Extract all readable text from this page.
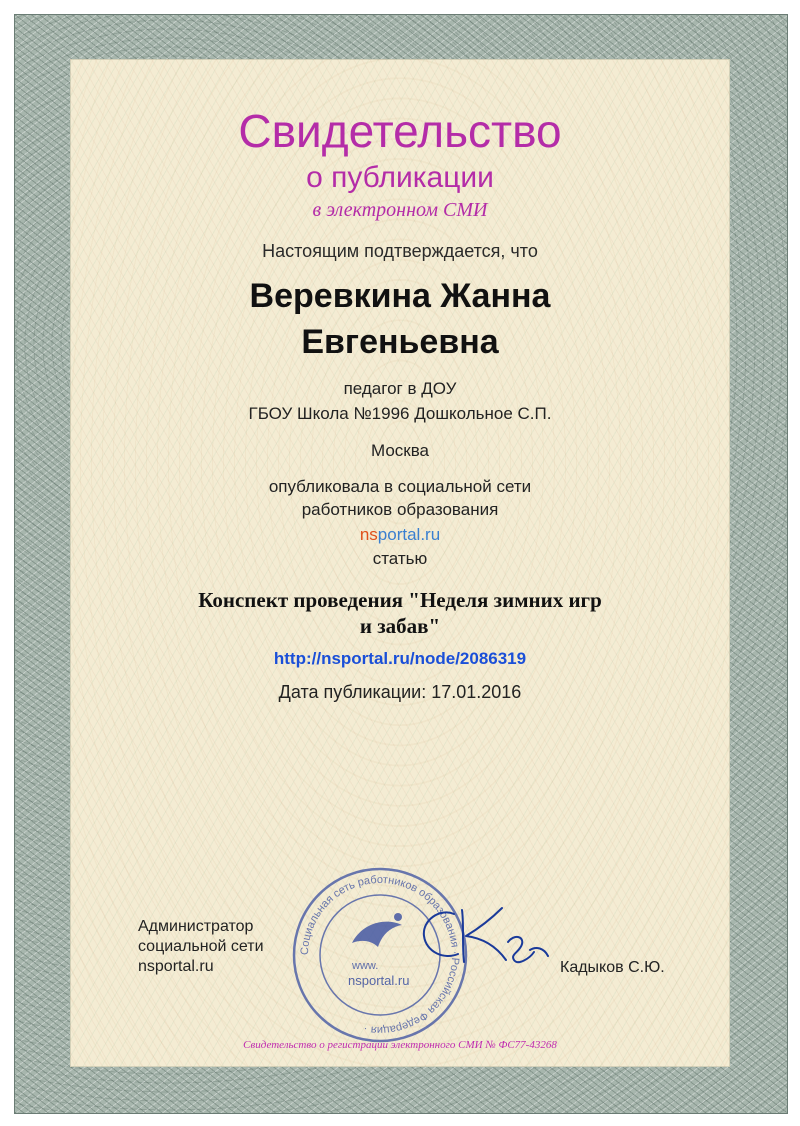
Свидетельство
о публикации
в электронном СМИ
Настоящим подтверждается, что
Веревкина Жанна
Евгеньевна
педагог в ДОУ
ГБОУ Школа №1996 Дошкольное С.П.
Москва
опубликовала в социальной сети
работников образования
nsportal.ru
статью
Конспект проведения "Неделя зимних игр
и забав"
http://nsportal.ru/node/2086319
Дата публикации: 17.01.2016
Администратор
социальной сети
nsportal.ru
Социальная сеть работников образования · Российская Федерация ·
www.
nsportal.ru
Кадыков С.Ю.
Свидетельство о регистрации электронного СМИ № ФС77-43268
